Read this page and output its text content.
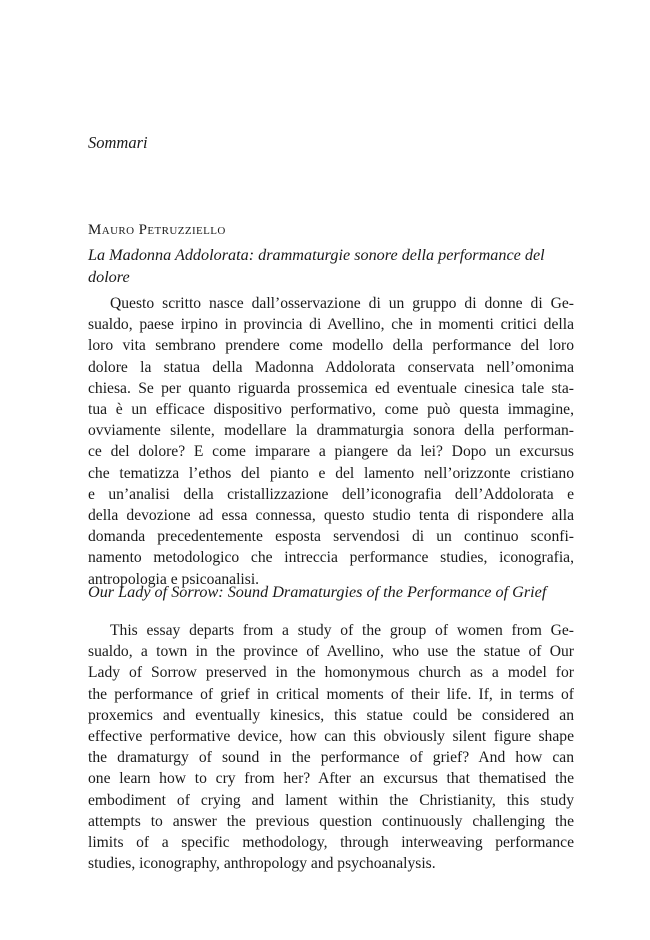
Sommari
Mauro Petruzziello
La Madonna Addolorata: drammaturgie sonore della performance del
dolore
Questo scritto nasce dall’osservazione di un gruppo di donne di Ge-
sualdo, paese irpino in provincia di Avellino, che in momenti critici della
loro vita sembrano prendere come modello della performance del loro
dolore la statua della Madonna Addolorata conservata nell’omonima
chiesa. Se per quanto riguarda prossemica ed eventuale cinesica tale sta-
tua è un efficace dispositivo performativo, come può questa immagine,
ovviamente silente, modellare la drammaturgia sonora della performan-
ce del dolore? E come imparare a piangere da lei? Dopo un excursus
che tematizza l’ethos del pianto e del lamento nell’orizzonte cristiano
e un’analisi della cristallizzazione dell’iconografia dell’Addolorata e
della devozione ad essa connessa, questo studio tenta di rispondere alla
domanda precedentemente esposta servendosi di un continuo sconfi-
namento metodologico che intreccia performance studies, iconografia,
antropologia e psicoanalisi.
Our Lady of Sorrow: Sound Dramaturgies of the Performance of Grief
This essay departs from a study of the group of women from Ge-
sualdo, a town in the province of Avellino, who use the statue of Our
Lady of Sorrow preserved in the homonymous church as a model for
the performance of grief in critical moments of their life. If, in terms of
proxemics and eventually kinesics, this statue could be considered an
effective performative device, how can this obviously silent figure shape
the dramaturgy of sound in the performance of grief? And how can
one learn how to cry from her? After an excursus that thematised the
embodiment of crying and lament within the Christianity, this study
attempts to answer the previous question continuously challenging the
limits of a specific methodology, through interweaving performance
studies, iconography, anthropology and psychoanalysis.
